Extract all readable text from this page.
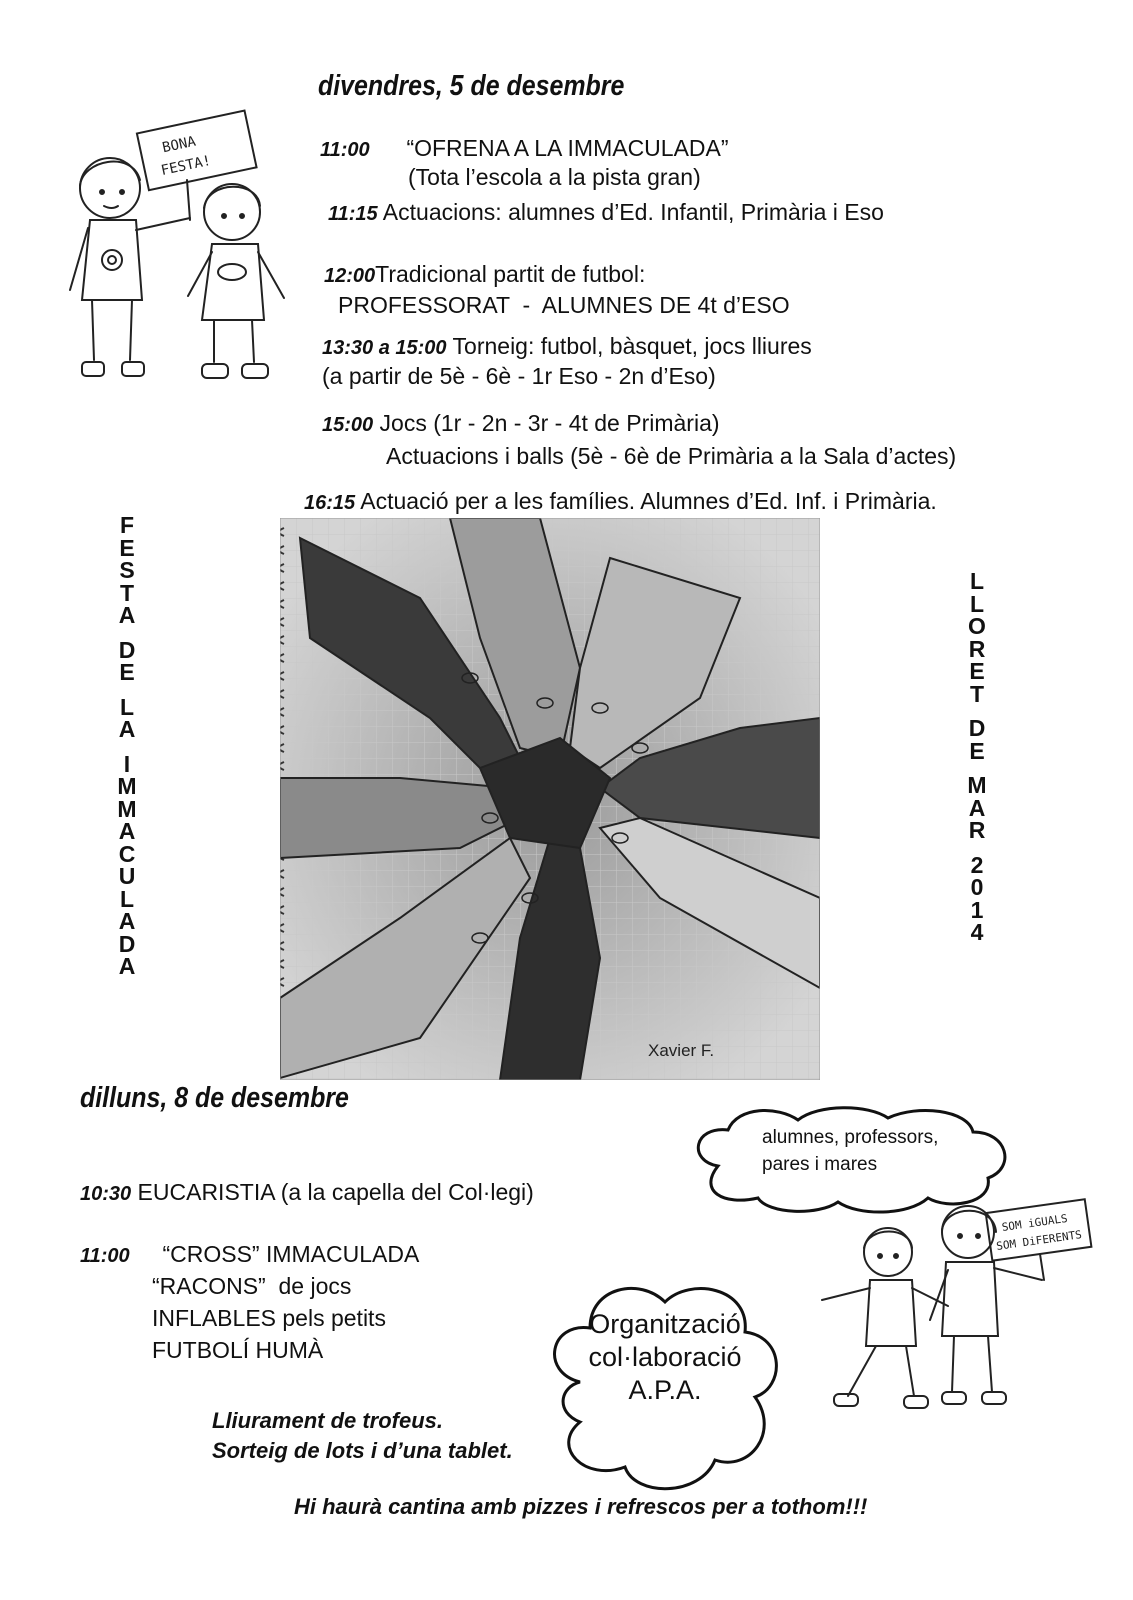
BONA
FESTA!
divendres, 5 de desembre
11:00 “OFRENA A LA IMMACULADA”
(Tota l’escola a la pista gran)
11:15 Actuacions: alumnes d’Ed. Infantil, Primària i Eso
12:00Tradicional partit de futbol:
PROFESSORAT  -  ALUMNES DE 4t d’ESO
13:30 a 15:00 Torneig: futbol, bàsquet, jocs lliures
(a partir de 5è - 6è - 1r Eso - 2n d’Eso)
15:00 Jocs (1r - 2n - 3r - 4t de Primària)
Actuacions i balls (5è - 6è de Primària a la Sala d’actes)
16:15 Actuació per a les famílies. Alumnes d’Ed. Inf. i Primària.
F
E
S
T
A

D
E

L
A

I
M
M
A
C
U
L
A
D
A
L
L
O
R
E
T

D
E

M
A
R

2
0
1
4
Xavier F.
dilluns, 8 de desembre
10:30 EUCARISTIA (a la capella del Col·legi)
11:00 “CROSS” IMMACULADA
“RACONS”  de jocs
INFLABLES pels petits
FUTBOLÍ HUMÀ
alumnes, professors,
pares i mares
Organització
col·laboració
A.P.A.
SOM iGUALS
SOM DiFERENTS
Lliurament de trofeus.
Sorteig de lots i d’una tablet.
Hi haurà cantina amb pizzes i refrescos per a tothom!!!
